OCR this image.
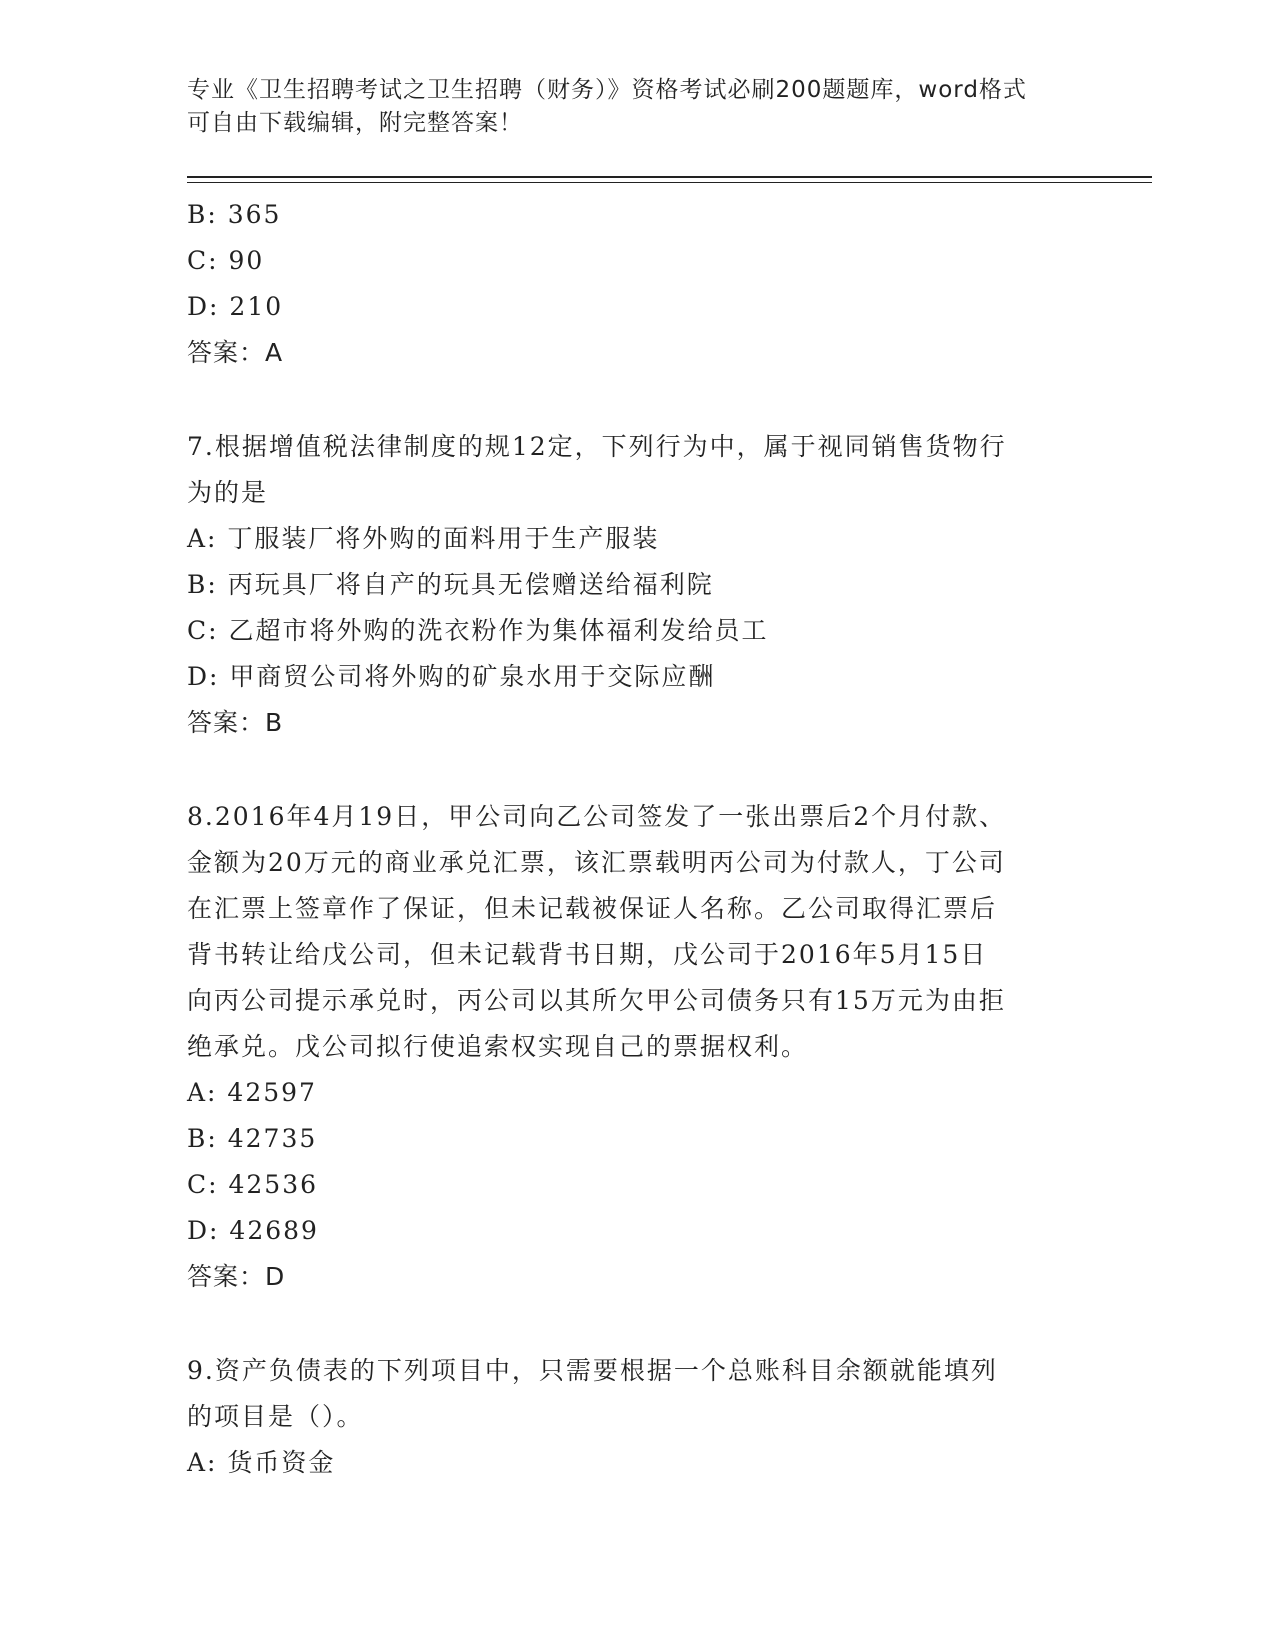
专业《卫生招聘考试之卫生招聘（财务）》资格考试必刷200题题库，word格式
可自由下载编辑，附完整答案！
B: 365
C: 90
D: 210
答案：A
7.根据增值税法律制度的规12定，下列行为中，属于视同销售货物行
为的是
A: 丁服装厂将外购的面料用于生产服装
B: 丙玩具厂将自产的玩具无偿赠送给福利院
C: 乙超市将外购的洗衣粉作为集体福利发给员工
D: 甲商贸公司将外购的矿泉水用于交际应酬
答案：B
8.2016年4月19日，甲公司向乙公司签发了一张出票后2个月付款、
金额为20万元的商业承兑汇票，该汇票载明丙公司为付款人，丁公司
在汇票上签章作了保证，但未记载被保证人名称。乙公司取得汇票后
背书转让给戊公司，但未记载背书日期，戊公司于2016年5月15日
向丙公司提示承兑时，丙公司以其所欠甲公司债务只有15万元为由拒
绝承兑。戊公司拟行使追索权实现自己的票据权利。
A: 42597
B: 42735
C: 42536
D: 42689
答案：D
9.资产负债表的下列项目中，只需要根据一个总账科目余额就能填列
的项目是（）。
A: 货币资金
